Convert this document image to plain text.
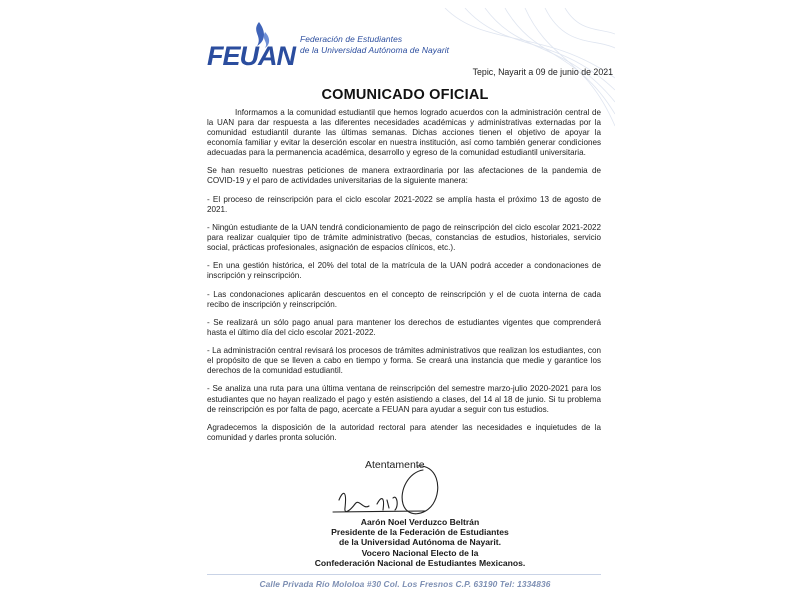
FEUAN
Federación de Estudiantes
de la Universidad Autónoma de Nayarit
Tepic, Nayarit a 09 de junio de 2021
COMUNICADO OFICIAL

Informamos a la comunidad estudiantil que hemos logrado acuerdos con la administración central de la UAN para dar respuesta a las diferentes necesidades académicas y administrativas externadas por la comunidad estudiantil durante las últimas semanas. Dichas acciones tienen el objetivo de apoyar la economía familiar y evitar la deserción escolar en nuestra institución, así como también generar condiciones adecuadas para la permanencia académica, desarrollo y egreso de la comunidad estudiantil universitaria.

Se han resuelto nuestras peticiones de manera extraordinaria por las afectaciones de la pandemia de COVID-19 y el paro de actividades universitarias de la siguiente manera:

- El proceso de reinscripción para el ciclo escolar 2021-2022 se amplía hasta el próximo 13 de agosto de 2021.

- Ningún estudiante de la UAN tendrá condicionamiento de pago de reinscripción del ciclo escolar 2021-2022 para realizar cualquier tipo de trámite administrativo (becas, constancias de estudios, historiales, servicio social, prácticas profesionales, asignación de espacios clínicos, etc.).

- En una gestión histórica, el 20% del total de la matrícula de la UAN podrá acceder a condonaciones de inscripción y reinscripción.

- Las condonaciones aplicarán descuentos en el concepto de reinscripción y el de cuota interna de cada recibo de inscripción y reinscripción.

- Se realizará un sólo pago anual para mantener los derechos de estudiantes vigentes que comprenderá hasta el último día del ciclo escolar 2021-2022.

- La administración central revisará los procesos de trámites administrativos que realizan los estudiantes, con el propósito de que se lleven a cabo en tiempo y forma. Se creará una instancia que medie y garantice los derechos de la comunidad estudiantil.

- Se analiza una ruta para una última ventana de reinscripción del semestre marzo-julio 2020-2021 para los estudiantes que no hayan realizado el pago y estén asistiendo a clases, del 14 al 18 de junio. Si tu problema de reinscripción es por falta de pago, acercate a FEUAN para ayudar a seguir con tus estudios.

Agradecemos la disposición de la autoridad rectoral para atender las necesidades e inquietudes de la comunidad y darles pronta solución.

Atentamente
Aarón Noel Verduzco Beltrán
Presidente de la Federación de Estudiantes
de la Universidad Autónoma de Nayarit.
Vocero Nacional Electo de la
Confederación Nacional de Estudiantes Mexicanos.
Calle Privada Río Mololoa #30 Col. Los Fresnos C.P. 63190 Tel: 1334836
